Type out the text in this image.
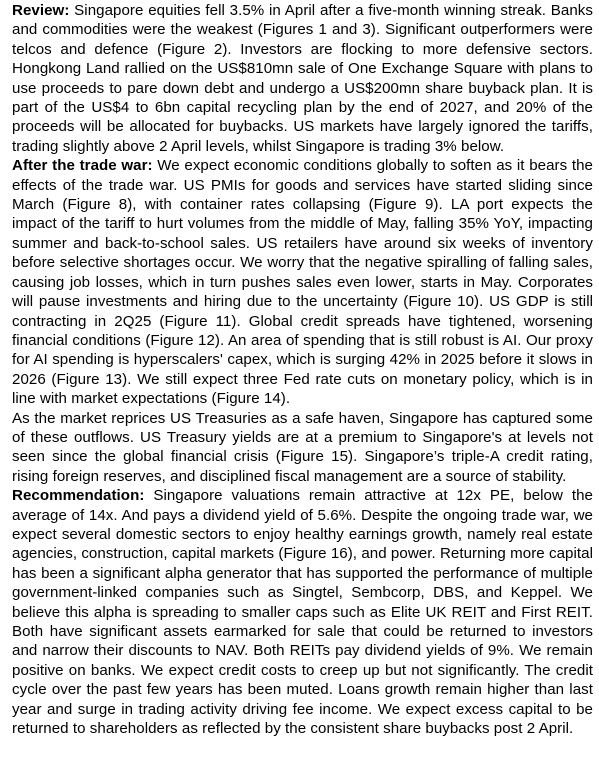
Review: Singapore equities fell 3.5% in April after a five-month winning streak. Banks and commodities were the weakest (Figures 1 and 3). Significant outperformers were telcos and defence (Figure 2). Investors are flocking to more defensive sectors. Hongkong Land rallied on the US$810mn sale of One Exchange Square with plans to use proceeds to pare down debt and undergo a US$200mn share buyback plan. It is part of the US$4 to 6bn capital recycling plan by the end of 2027, and 20% of the proceeds will be allocated for buybacks. US markets have largely ignored the tariffs, trading slightly above 2 April levels, whilst Singapore is trading 3% below.

After the trade war: We expect economic conditions globally to soften as it bears the effects of the trade war. US PMIs for goods and services have started sliding since March (Figure 8), with container rates collapsing (Figure 9). LA port expects the impact of the tariff to hurt volumes from the middle of May, falling 35% YoY, impacting summer and back-to-school sales. US retailers have around six weeks of inventory before selective shortages occur. We worry that the negative spiralling of falling sales, causing job losses, which in turn pushes sales even lower, starts in May. Corporates will pause investments and hiring due to the uncertainty (Figure 10). US GDP is still contracting in 2Q25 (Figure 11). Global credit spreads have tightened, worsening financial conditions (Figure 12). An area of spending that is still robust is AI. Our proxy for AI spending is hyperscalers' capex, which is surging 42% in 2025 before it slows in 2026 (Figure 13). We still expect three Fed rate cuts on monetary policy, which is in line with market expectations (Figure 14).

As the market reprices US Treasuries as a safe haven, Singapore has captured some of these outflows. US Treasury yields are at a premium to Singapore's at levels not seen since the global financial crisis (Figure 15). Singapore’s triple-A credit rating, rising foreign reserves, and disciplined fiscal management are a source of stability.

Recommendation: Singapore valuations remain attractive at 12x PE, below the average of 14x. And pays a dividend yield of 5.6%. Despite the ongoing trade war, we expect several domestic sectors to enjoy healthy earnings growth, namely real estate agencies, construction, capital markets (Figure 16), and power. Returning more capital has been a significant alpha generator that has supported the performance of multiple government-linked companies such as Singtel, Sembcorp, DBS, and Keppel. We believe this alpha is spreading to smaller caps such as Elite UK REIT and First REIT. Both have significant assets earmarked for sale that could be returned to investors and narrow their discounts to NAV. Both REITs pay dividend yields of 9%. We remain positive on banks. We expect credit costs to creep up but not significantly. The credit cycle over the past few years has been muted. Loans growth remain higher than last year and surge in trading activity driving fee income. We expect excess capital to be returned to shareholders as reflected by the consistent share buybacks post 2 April.
